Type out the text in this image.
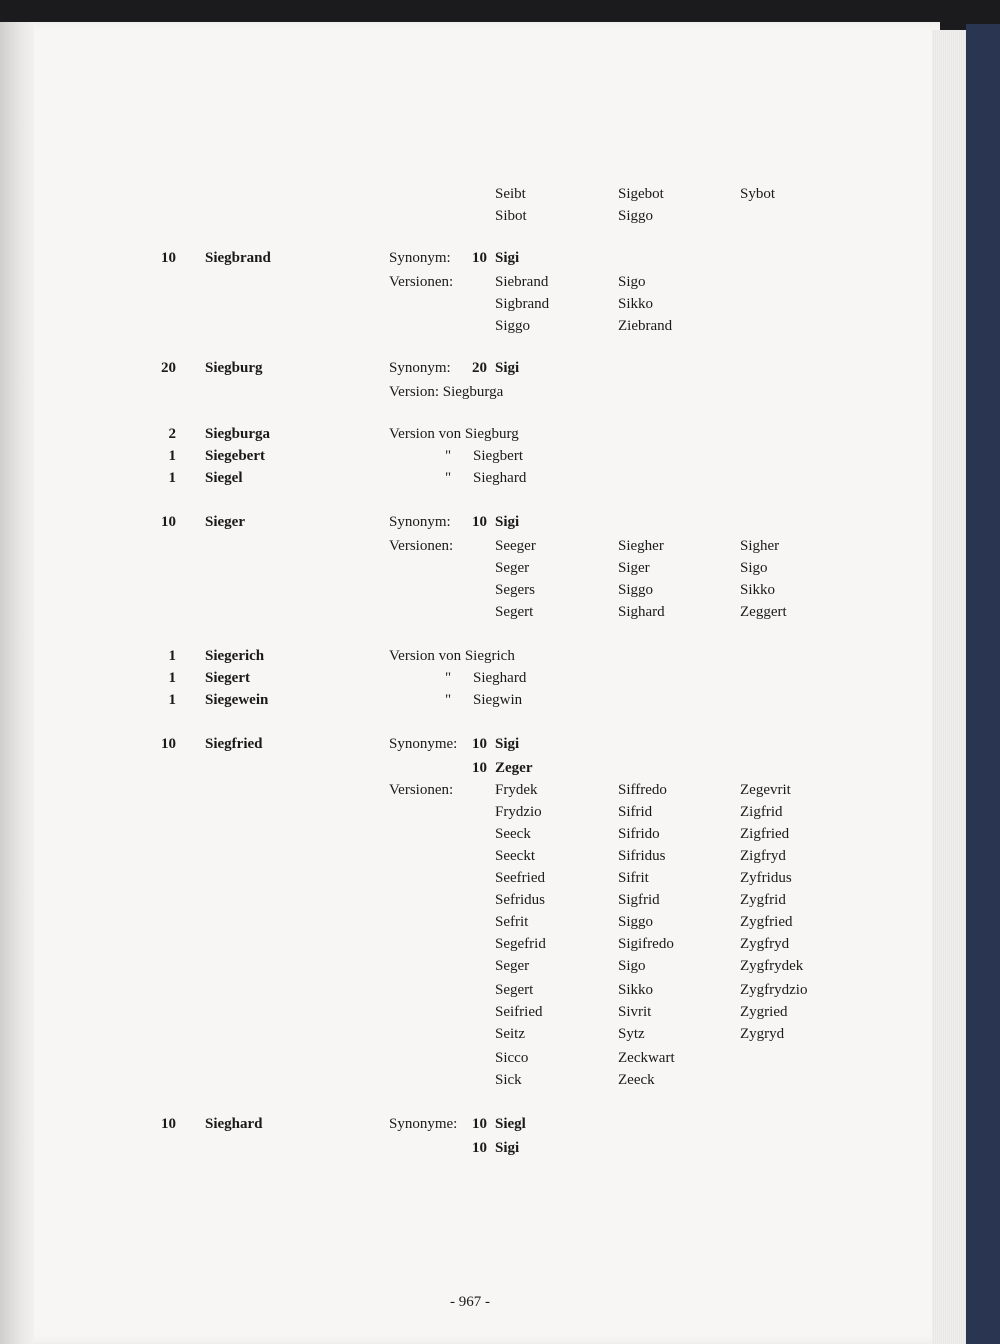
Seibt	Sigebot	Sybot
Sibot	Siggo
10 Siegbrand	Synonym: 10 Sigi
Versionen:	Siebrand	Sigo
Sigbrand	Sikko
Siggo	Ziebrand
20 Siegburg	Synonym: 20 Sigi
Version: Siegburga
2 Siegburga	Version von Siegburg
1 Siegebert	" Siegbert
1 Siegel	" Sieghard
10 Sieger	Synonym: 10 Sigi
Versionen:	Seeger	Siegher	Sigher
Seger	Siger	Sigo
Segers	Siggo	Sikko
Segert	Sighard	Zeggert
1 Siegerich	Version von Siegrich
1 Siegert	" Sieghard
1 Siegewein	" Siegwin
10 Siegfried	Synonyme: 10 Sigi
10 Zeger
Versionen:	Frydek	Siffredo	Zegevrit
Frydzio	Sifrid	Zigfrid
Seeck	Sifrido	Zigfried
Seeckt	Sifridus	Zigfryd
Seefried	Sifrit	Zyfridus
Sefridus	Sigfrid	Zygfrid
Sefrit	Siggo	Zygfried
Segefrid	Sigifredo	Zygfryd
Seger	Sigo	Zygfrydek
Segert	Sikko	Zygfrydzio
Seifried	Sivrit	Zygried
Seitz	Sytz	Zygryd
Sicco	Zeckwart
Sick	Zeeck
10 Sieghard	Synonyme: 10 Siegl
10 Sigi
- 967 -
